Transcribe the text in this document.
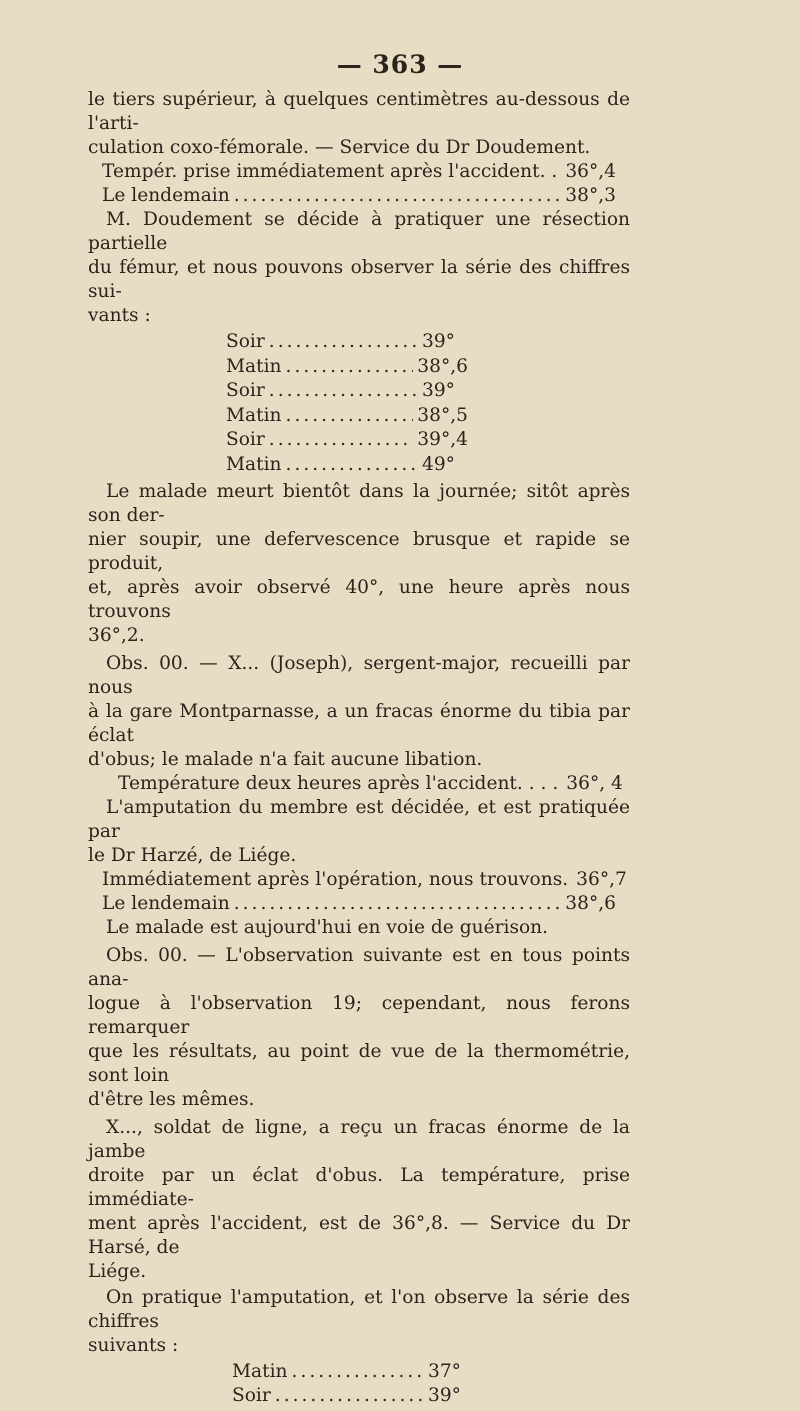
— 363 —
le tiers supérieur, à quelques centimètres au-dessous de l'arti-
culation coxo-fémorale. — Service du Dr Doudement.
Tempér. prise immédiatement après l'accident. . 36°,4
Le lendemain .....	38°,3
M. Doudement se décide à pratiquer une résection partielle
du fémur, et nous pouvons observer la série des chiffres sui-
vants :
Soir .....	39°
Matin .....	38°,6
Soir .....	39°
Matin .....	38°,5
Soir .....	39°,4
Matin .....	49°
Le malade meurt bientôt dans la journée; sitôt après son der-
nier soupir, une defervescence brusque et rapide se produit,
et, après avoir observé 40°, une heure après nous trouvons
36°,2.
Obs. 00. — X... (Joseph), sergent-major, recueilli par nous
à la gare Montparnasse, a un fracas énorme du tibia par éclat
d'obus; le malade n'a fait aucune libation.
Température deux heures après l'accident. . . . 36°, 4
L'amputation du membre est décidée, et est pratiquée par
le Dr Harzé, de Liége.
Immédiatement après l'opération, nous trouvons. 36°,7
Le lendemain .....	38°,6
Le malade est aujourd'hui en voie de guérison.
Obs. 00. — L'observation suivante est en tous points ana-
logue à l'observation 19; cependant, nous ferons remarquer
que les résultats, au point de vue de la thermométrie, sont loin
d'être les mêmes.
X..., soldat de ligne, a reçu un fracas énorme de la jambe
droite par un éclat d'obus. La température, prise immédiate-
ment après l'accident, est de 36°,8. — Service du Dr Harsé, de
Liége.
On pratique l'amputation, et l'on observe la série des chiffres
suivants :
Matin .....	37°
Soir .....	39°
